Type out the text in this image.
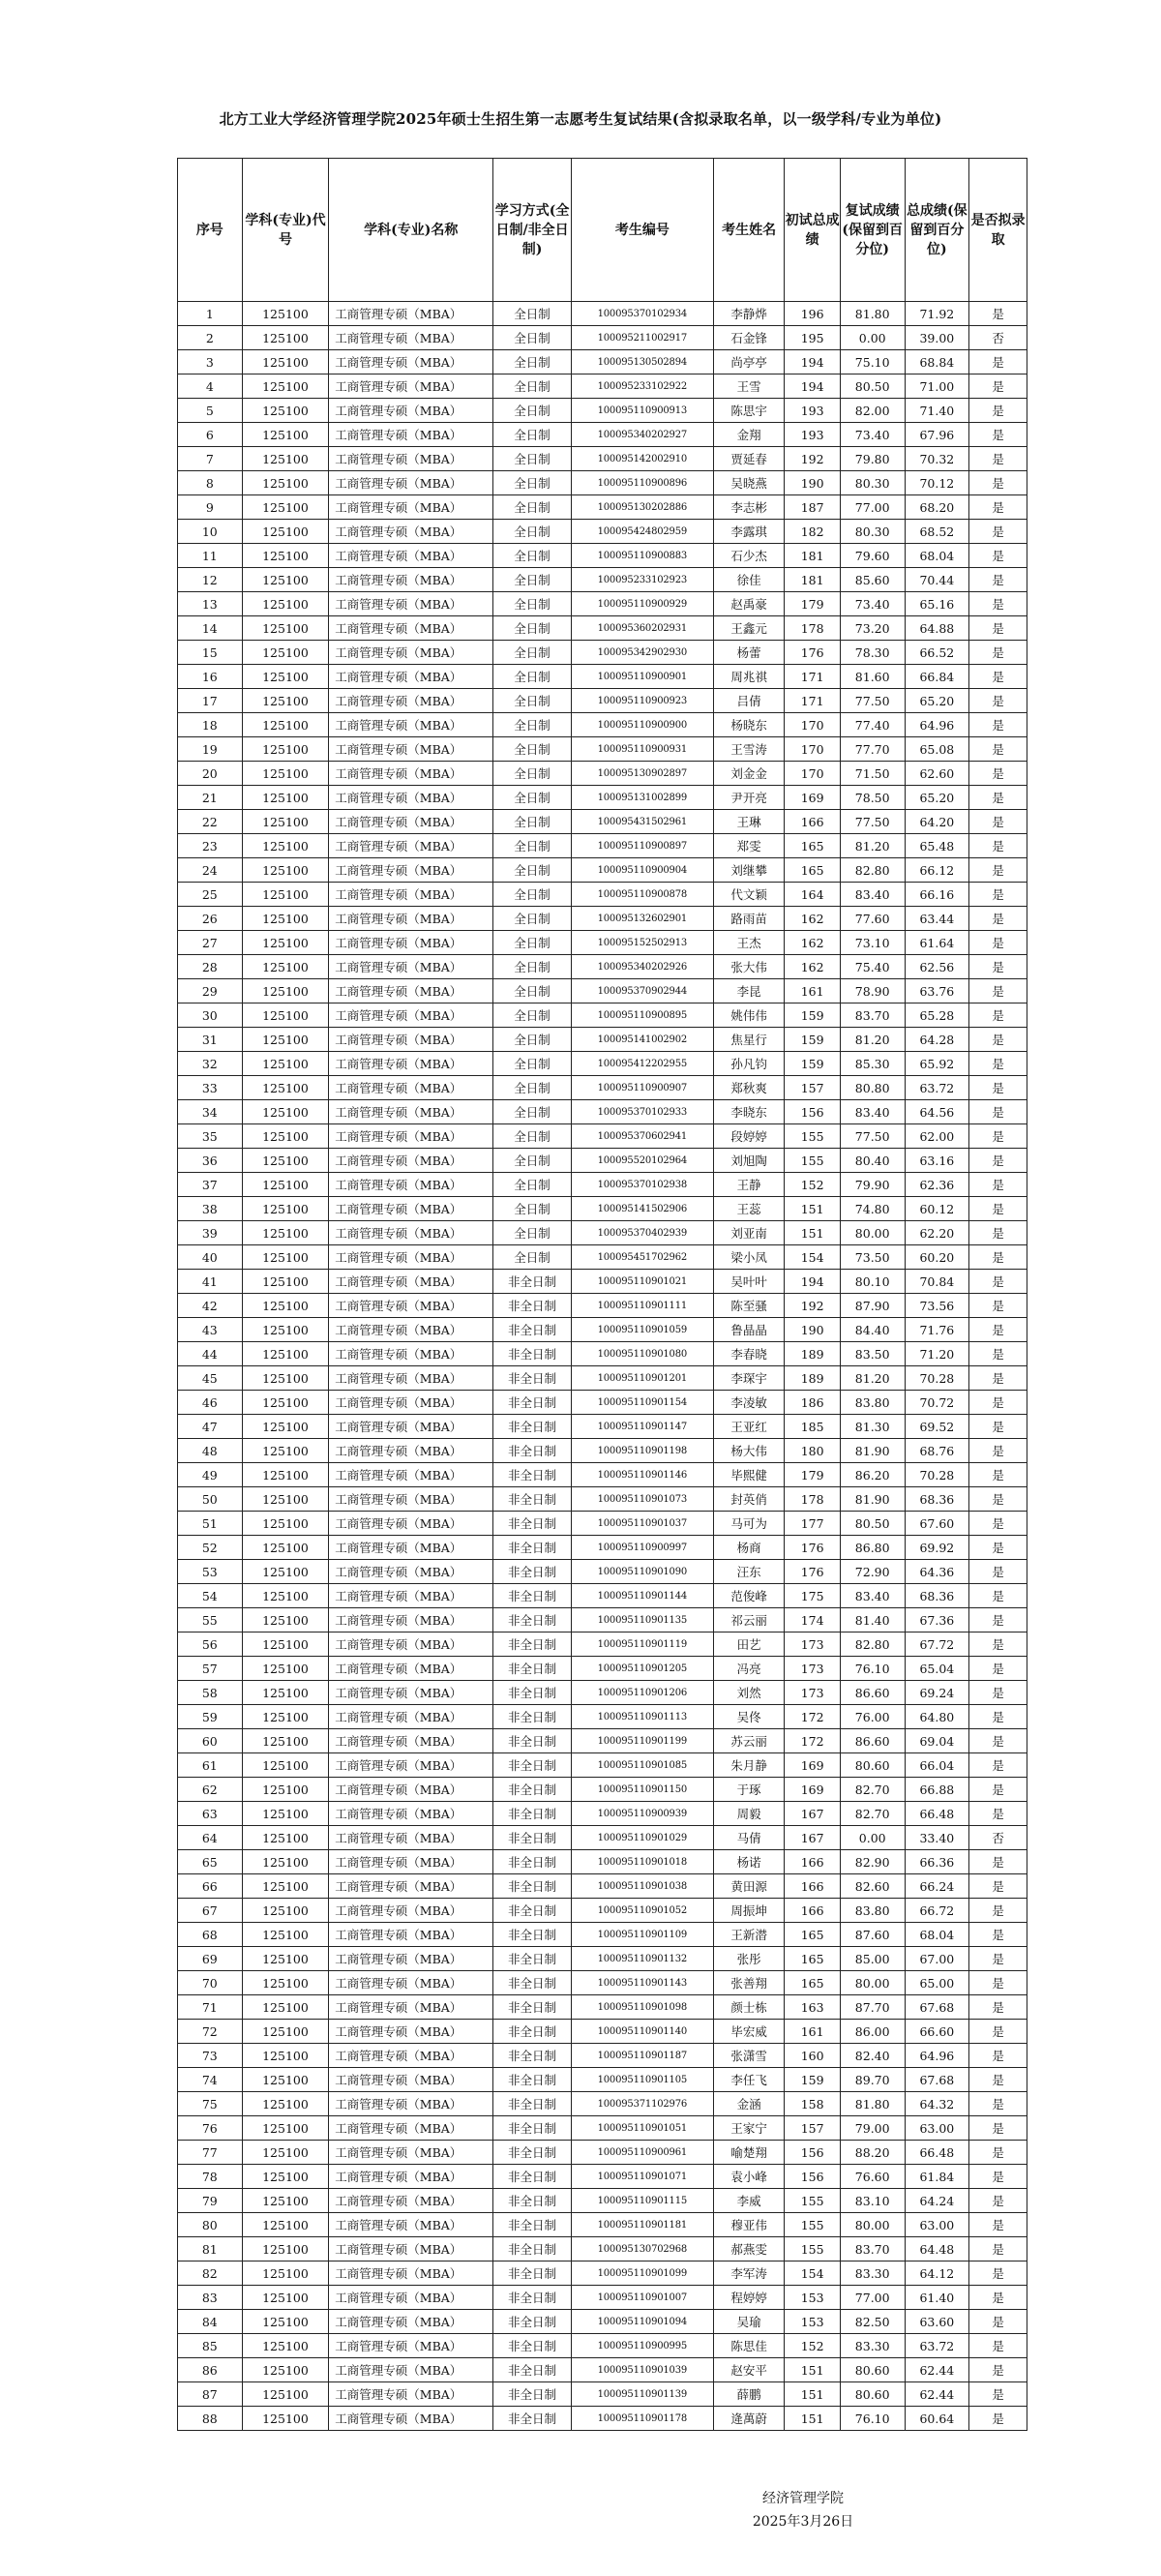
北方工业大学经济管理学院2025年硕士生招生第一志愿考生复试结果(含拟录取名单，以一级学科/专业为单位)
序号	学科(专业)代号	学科(专业)名称	学习方式(全日制/非全日制)	考生编号	考生姓名	初试总成绩	复试成绩(保留到百分位)	总成绩(保留到百分位)	是否拟录取
1	125100	工商管理专硕（MBA）	全日制	100095370102934	李静烨	196	81.80	71.92	是
2	125100	工商管理专硕（MBA）	全日制	100095211002917	石金锋	195	0.00	39.00	否
3	125100	工商管理专硕（MBA）	全日制	100095130502894	尚亭亭	194	75.10	68.84	是
4	125100	工商管理专硕（MBA）	全日制	100095233102922	王雪	194	80.50	71.00	是
5	125100	工商管理专硕（MBA）	全日制	100095110900913	陈思宇	193	82.00	71.40	是
6	125100	工商管理专硕（MBA）	全日制	100095340202927	金翔	193	73.40	67.96	是
7	125100	工商管理专硕（MBA）	全日制	100095142002910	贾延春	192	79.80	70.32	是
8	125100	工商管理专硕（MBA）	全日制	100095110900896	吴晓燕	190	80.30	70.12	是
9	125100	工商管理专硕（MBA）	全日制	100095130202886	李志彬	187	77.00	68.20	是
10	125100	工商管理专硕（MBA）	全日制	100095424802959	李露琪	182	80.30	68.52	是
11	125100	工商管理专硕（MBA）	全日制	100095110900883	石少杰	181	79.60	68.04	是
12	125100	工商管理专硕（MBA）	全日制	100095233102923	徐佳	181	85.60	70.44	是
13	125100	工商管理专硕（MBA）	全日制	100095110900929	赵禹豪	179	73.40	65.16	是
14	125100	工商管理专硕（MBA）	全日制	100095360202931	王鑫元	178	73.20	64.88	是
15	125100	工商管理专硕（MBA）	全日制	100095342902930	杨蕾	176	78.30	66.52	是
16	125100	工商管理专硕（MBA）	全日制	100095110900901	周兆祺	171	81.60	66.84	是
17	125100	工商管理专硕（MBA）	全日制	100095110900923	吕倩	171	77.50	65.20	是
18	125100	工商管理专硕（MBA）	全日制	100095110900900	杨晓东	170	77.40	64.96	是
19	125100	工商管理专硕（MBA）	全日制	100095110900931	王雪涛	170	77.70	65.08	是
20	125100	工商管理专硕（MBA）	全日制	100095130902897	刘金金	170	71.50	62.60	是
21	125100	工商管理专硕（MBA）	全日制	100095131002899	尹开亮	169	78.50	65.20	是
22	125100	工商管理专硕（MBA）	全日制	100095431502961	王琳	166	77.50	64.20	是
23	125100	工商管理专硕（MBA）	全日制	100095110900897	郑雯	165	81.20	65.48	是
24	125100	工商管理专硕（MBA）	全日制	100095110900904	刘继攀	165	82.80	66.12	是
25	125100	工商管理专硕（MBA）	全日制	100095110900878	代文颖	164	83.40	66.16	是
26	125100	工商管理专硕（MBA）	全日制	100095132602901	路雨苗	162	77.60	63.44	是
27	125100	工商管理专硕（MBA）	全日制	100095152502913	王杰	162	73.10	61.64	是
28	125100	工商管理专硕（MBA）	全日制	100095340202926	张大伟	162	75.40	62.56	是
29	125100	工商管理专硕（MBA）	全日制	100095370902944	李昆	161	78.90	63.76	是
30	125100	工商管理专硕（MBA）	全日制	100095110900895	姚伟伟	159	83.70	65.28	是
31	125100	工商管理专硕（MBA）	全日制	100095141002902	焦星行	159	81.20	64.28	是
32	125100	工商管理专硕（MBA）	全日制	100095412202955	孙凡钧	159	85.30	65.92	是
33	125100	工商管理专硕（MBA）	全日制	100095110900907	郑秋爽	157	80.80	63.72	是
34	125100	工商管理专硕（MBA）	全日制	100095370102933	李晓东	156	83.40	64.56	是
35	125100	工商管理专硕（MBA）	全日制	100095370602941	段婷婷	155	77.50	62.00	是
36	125100	工商管理专硕（MBA）	全日制	100095520102964	刘旭陶	155	80.40	63.16	是
37	125100	工商管理专硕（MBA）	全日制	100095370102938	王静	152	79.90	62.36	是
38	125100	工商管理专硕（MBA）	全日制	100095141502906	王蕊	151	74.80	60.12	是
39	125100	工商管理专硕（MBA）	全日制	100095370402939	刘亚南	151	80.00	62.20	是
40	125100	工商管理专硕（MBA）	全日制	100095451702962	梁小凤	154	73.50	60.20	是
41	125100	工商管理专硕（MBA）	非全日制	100095110901021	吴叶叶	194	80.10	70.84	是
42	125100	工商管理专硕（MBA）	非全日制	100095110901111	陈至骚	192	87.90	73.56	是
43	125100	工商管理专硕（MBA）	非全日制	100095110901059	鲁晶晶	190	84.40	71.76	是
44	125100	工商管理专硕（MBA）	非全日制	100095110901080	李春晓	189	83.50	71.20	是
45	125100	工商管理专硕（MBA）	非全日制	100095110901201	李琛宇	189	81.20	70.28	是
46	125100	工商管理专硕（MBA）	非全日制	100095110901154	李凌敏	186	83.80	70.72	是
47	125100	工商管理专硕（MBA）	非全日制	100095110901147	王亚红	185	81.30	69.52	是
48	125100	工商管理专硕（MBA）	非全日制	100095110901198	杨大伟	180	81.90	68.76	是
49	125100	工商管理专硕（MBA）	非全日制	100095110901146	毕熙健	179	86.20	70.28	是
50	125100	工商管理专硕（MBA）	非全日制	100095110901073	封英俏	178	81.90	68.36	是
51	125100	工商管理专硕（MBA）	非全日制	100095110901037	马可为	177	80.50	67.60	是
52	125100	工商管理专硕（MBA）	非全日制	100095110900997	杨商	176	86.80	69.92	是
53	125100	工商管理专硕（MBA）	非全日制	100095110901090	汪东	176	72.90	64.36	是
54	125100	工商管理专硕（MBA）	非全日制	100095110901144	范俊峰	175	83.40	68.36	是
55	125100	工商管理专硕（MBA）	非全日制	100095110901135	祁云丽	174	81.40	67.36	是
56	125100	工商管理专硕（MBA）	非全日制	100095110901119	田艺	173	82.80	67.72	是
57	125100	工商管理专硕（MBA）	非全日制	100095110901205	冯亮	173	76.10	65.04	是
58	125100	工商管理专硕（MBA）	非全日制	100095110901206	刘然	173	86.60	69.24	是
59	125100	工商管理专硕（MBA）	非全日制	100095110901113	吴佟	172	76.00	64.80	是
60	125100	工商管理专硕（MBA）	非全日制	100095110901199	苏云丽	172	86.60	69.04	是
61	125100	工商管理专硕（MBA）	非全日制	100095110901085	朱月静	169	80.60	66.04	是
62	125100	工商管理专硕（MBA）	非全日制	100095110901150	于琢	169	82.70	66.88	是
63	125100	工商管理专硕（MBA）	非全日制	100095110900939	周毅	167	82.70	66.48	是
64	125100	工商管理专硕（MBA）	非全日制	100095110901029	马倩	167	0.00	33.40	否
65	125100	工商管理专硕（MBA）	非全日制	100095110901018	杨诺	166	82.90	66.36	是
66	125100	工商管理专硕（MBA）	非全日制	100095110901038	黄田源	166	82.60	66.24	是
67	125100	工商管理专硕（MBA）	非全日制	100095110901052	周振坤	166	83.80	66.72	是
68	125100	工商管理专硕（MBA）	非全日制	100095110901109	王新潜	165	87.60	68.04	是
69	125100	工商管理专硕（MBA）	非全日制	100095110901132	张彤	165	85.00	67.00	是
70	125100	工商管理专硕（MBA）	非全日制	100095110901143	张善翔	165	80.00	65.00	是
71	125100	工商管理专硕（MBA）	非全日制	100095110901098	颜士栋	163	87.70	67.68	是
72	125100	工商管理专硕（MBA）	非全日制	100095110901140	毕宏威	161	86.00	66.60	是
73	125100	工商管理专硕（MBA）	非全日制	100095110901187	张潇雪	160	82.40	64.96	是
74	125100	工商管理专硕（MBA）	非全日制	100095110901105	李任飞	159	89.70	67.68	是
75	125100	工商管理专硕（MBA）	非全日制	100095371102976	金涵	158	81.80	64.32	是
76	125100	工商管理专硕（MBA）	非全日制	100095110901051	王家宁	157	79.00	63.00	是
77	125100	工商管理专硕（MBA）	非全日制	100095110900961	喻楚翔	156	88.20	66.48	是
78	125100	工商管理专硕（MBA）	非全日制	100095110901071	袁小峰	156	76.60	61.84	是
79	125100	工商管理专硕（MBA）	非全日制	100095110901115	李威	155	83.10	64.24	是
80	125100	工商管理专硕（MBA）	非全日制	100095110901181	穆亚伟	155	80.00	63.00	是
81	125100	工商管理专硕（MBA）	非全日制	100095130702968	郝燕雯	155	83.70	64.48	是
82	125100	工商管理专硕（MBA）	非全日制	100095110901099	李军涛	154	83.30	64.12	是
83	125100	工商管理专硕（MBA）	非全日制	100095110901007	程婷婷	153	77.00	61.40	是
84	125100	工商管理专硕（MBA）	非全日制	100095110901094	吴瑜	153	82.50	63.60	是
85	125100	工商管理专硕（MBA）	非全日制	100095110900995	陈思佳	152	83.30	63.72	是
86	125100	工商管理专硕（MBA）	非全日制	100095110901039	赵安平	151	80.60	62.44	是
87	125100	工商管理专硕（MBA）	非全日制	100095110901139	薛鹏	151	80.60	62.44	是
88	125100	工商管理专硕（MBA）	非全日制	100095110901178	逄萬蔚	151	76.10	60.64	是
经济管理学院
2025年3月26日
